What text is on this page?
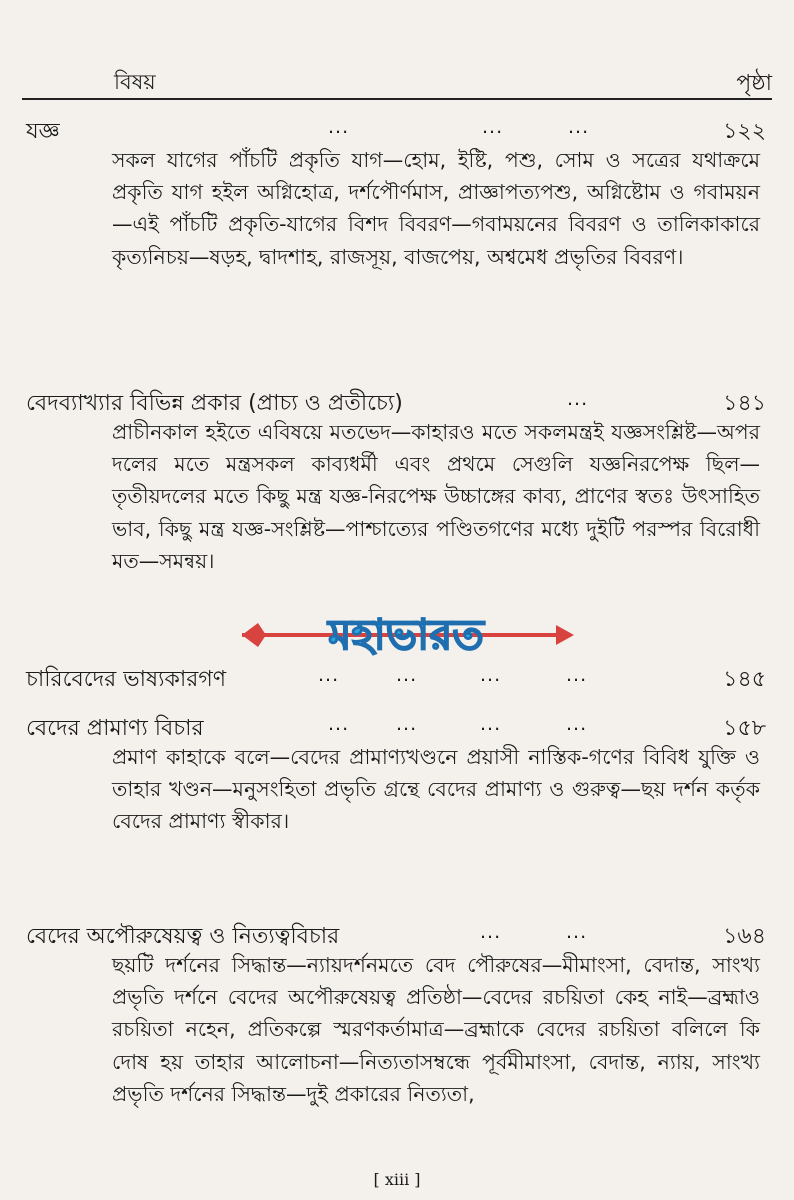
বিষয়	পৃষ্ঠা
যজ্ঞ	...	...	...	১২২
সকল যাগের পাঁচটি প্রকৃতি যাগ—হোম, ইষ্টি, পশু, সোম ও সত্রের যথাক্রমে প্রকৃতি যাগ হইল অগ্নিহোত্র, দর্শপৌর্ণমাস, প্রাজ্ঞাপত্যপশু, অগ্নিষ্টোম ও গবাময়ন—এই পাঁচটি প্রকৃতি-যাগের বিশদ বিবরণ—গবাময়নের বিবরণ ও তালিকাকারে কৃত্যনিচয়—ষড়হ, দ্বাদশাহ, রাজসূয়, বাজপেয়, অশ্বমেধ প্রভৃতির বিবরণ।
বেদব্যাখ্যার বিভিন্ন প্রকার (প্রাচ্য ও প্রতীচ্যে)	...	১৪১
প্রাচীনকাল হইতে এবিষয়ে মতভেদ—কাহারও মতে সকলমন্ত্রই যজ্ঞসংশ্লিষ্ট—অপর দলের মতে মন্ত্রসকল কাব্যধর্মী এবং প্রথমে সেগুলি যজ্ঞনিরপেক্ষ ছিল—তৃতীয়দলের মতে কিছু মন্ত্র যজ্ঞ-নিরপেক্ষ উচ্চাঙ্গের কাব্য, প্রাণের স্বতঃ উৎসাহিত ভাব, কিছু মন্ত্র যজ্ঞ-সংশ্লিষ্ট—পাশ্চাত্যের পণ্ডিতগণের মধ্যে দুইটি পরস্পর বিরোধী মত—সমন্বয়।
চারিবেদের ভাষ্যকারগণ	...	...	...	...	১৪৫
বেদের প্রামাণ্য বিচার	... ...	...	...	১৫৮
প্রমাণ কাহাকে বলে—বেদের প্রামাণ্যখণ্ডনে প্রয়াসী নাস্তিক-গণের বিবিধ যুক্তি ও তাহার খণ্ডন—মনুসংহিতা প্রভৃতি গ্রন্থে বেদের প্রামাণ্য ও গুরুত্ব—ছয় দর্শন কর্তৃক বেদের প্রামাণ্য স্বীকার।
বেদের অপৌরুষেয়ত্ব ও নিত্যত্ববিচার	...	...	১৬৪
ছয়টি দর্শনের সিদ্ধান্ত—ন্যায়দর্শনমতে বেদ পৌরুষের—মীমাংসা, বেদান্ত, সাংখ্য প্রভৃতি দর্শনে বেদের অপৌরুষেয়ত্ব প্রতিষ্ঠা—বেদের রচয়িতা কেহ নাই—ব্রহ্মাও রচয়িতা নহেন, প্রতিকল্পে স্মরণকর্তামাত্র—ব্রহ্মাকে বেদের রচয়িতা বলিলে কি দোষ হয় তাহার আলোচনা—নিত্যতাসম্বন্ধে পূর্বমীমাংসা, বেদান্ত, ন্যায়, সাংখ্য প্রভৃতি দর্শনের সিদ্ধান্ত—দুই প্রকারের নিত্যতা,
মহাভারত
[ xiii ]
